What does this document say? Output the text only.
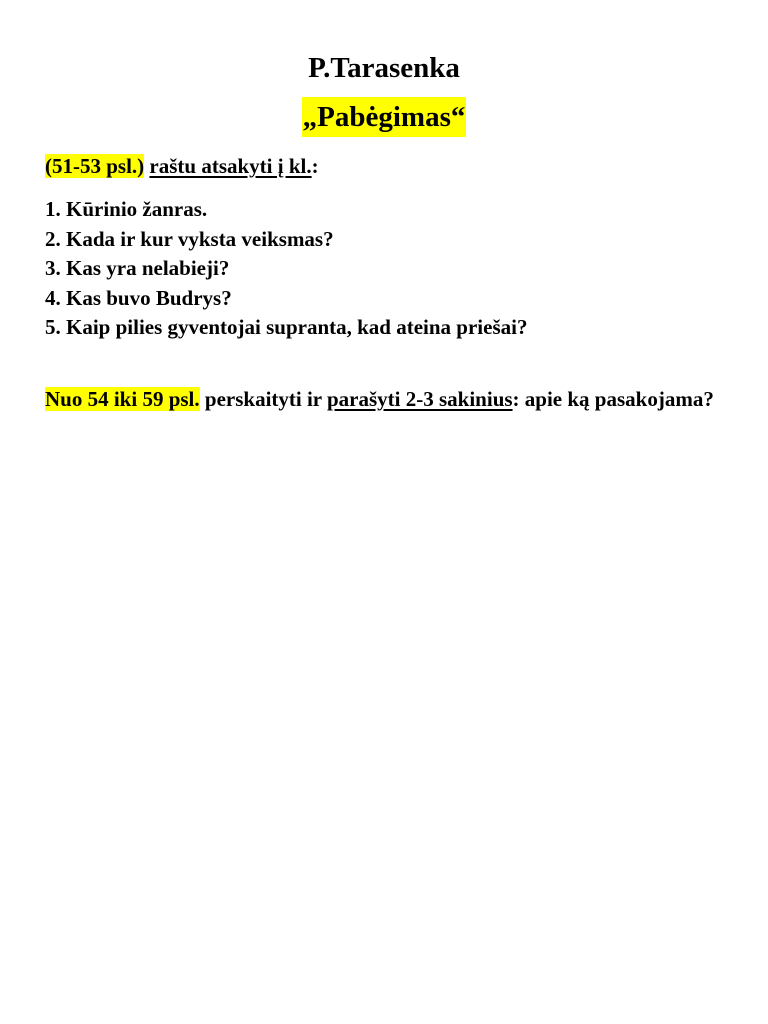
P.Tarasenka
„Pabėgimas“
(51-53 psl.) raštu atsakyti į kl.:
1. Kūrinio žanras.
2. Kada ir kur vyksta veiksmas?
3. Kas yra nelabieji?
4. Kas buvo Budrys?
5. Kaip pilies gyventojai supranta, kad ateina priešai?
Nuo 54 iki 59 psl. perskaityti ir parašyti 2-3 sakinius: apie ką pasakojama?
